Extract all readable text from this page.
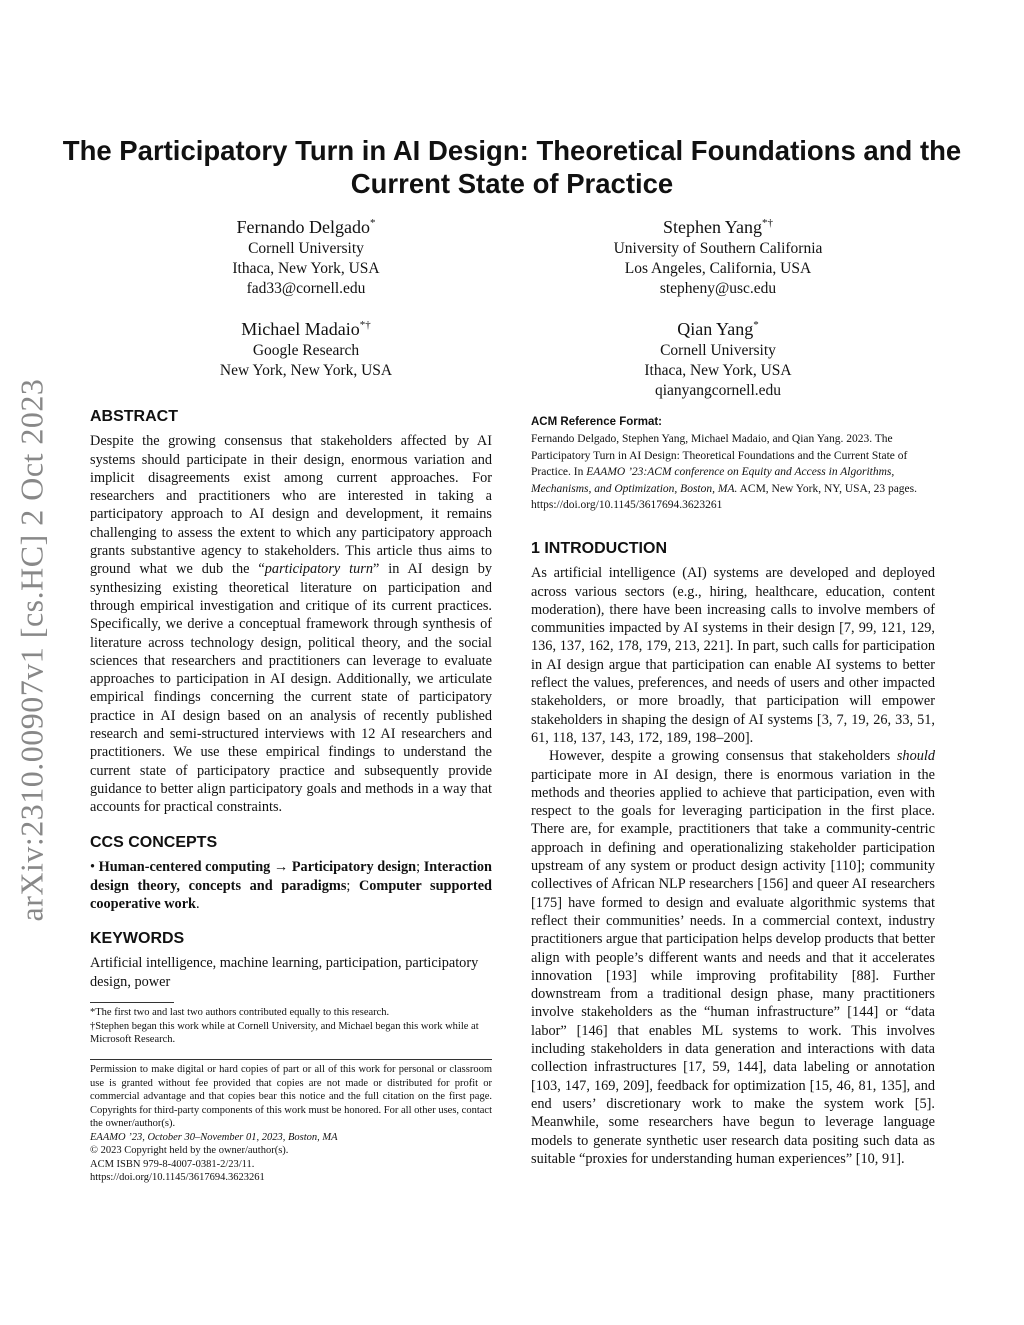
arXiv:2310.00907v1 [cs.HC] 2 Oct 2023
The Participatory Turn in AI Design: Theoretical Foundations and the Current State of Practice
Fernando Delgado*
Cornell University
Ithaca, New York, USA
fad33@cornell.edu
Stephen Yang*†
University of Southern California
Los Angeles, California, USA
stepheny@usc.edu
Michael Madaio*†
Google Research
New York, New York, USA
Qian Yang*
Cornell University
Ithaca, New York, USA
qianyangcornell.edu
ABSTRACT

Despite the growing consensus that stakeholders affected by AI systems should participate in their design, enormous variation and implicit disagreements exist among current approaches. For researchers and practitioners who are interested in taking a participatory approach to AI design and development, it remains challenging to assess the extent to which any participatory approach grants substantive agency to stakeholders. This article thus aims to ground what we dub the “participatory turn” in AI design by synthesizing existing theoretical literature on participation and through empirical investigation and critique of its current practices. Specifically, we derive a conceptual framework through synthesis of literature across technology design, political theory, and the social sciences that researchers and practitioners can leverage to evaluate approaches to participation in AI design. Additionally, we articulate empirical findings concerning the current state of participatory practice in AI design based on an analysis of recently published research and semi-structured interviews with 12 AI researchers and practitioners. We use these empirical findings to understand the current state of participatory practice and subsequently provide guidance to better align participatory goals and methods in a way that accounts for practical constraints.

CCS CONCEPTS

• Human-centered computing → Participatory design; Interaction design theory, concepts and paradigms; Computer supported cooperative work.

KEYWORDS

Artificial intelligence, machine learning, participation, participatory design, power

*The first two and last two authors contributed equally to this research.

†Stephen began this work while at Cornell University, and Michael began this work while at Microsoft Research.

Permission to make digital or hard copies of part or all of this work for personal or classroom use is granted without fee provided that copies are not made or distributed for profit or commercial advantage and that copies bear this notice and the full citation on the first page. Copyrights for third-party components of this work must be honored. For all other uses, contact the owner/author(s).

EAAMO ’23, October 30–November 01, 2023, Boston, MA

© 2023 Copyright held by the owner/author(s).

ACM ISBN 979-8-4007-0381-2/23/11.

https://doi.org/10.1145/3617694.3623261

ACM Reference Format:

Fernando Delgado, Stephen Yang, Michael Madaio, and Qian Yang. 2023. The Participatory Turn in AI Design: Theoretical Foundations and the Current State of Practice. In EAAMO ’23:ACM conference on Equity and Access in Algorithms, Mechanisms, and Optimization, Boston, MA. ACM, New York, NY, USA, 23 pages. https://doi.org/10.1145/3617694.3623261

1 INTRODUCTION

As artificial intelligence (AI) systems are developed and deployed across various sectors (e.g., hiring, healthcare, education, content moderation), there have been increasing calls to involve members of communities impacted by AI systems in their design [7, 99, 121, 129, 136, 137, 162, 178, 179, 213, 221]. In part, such calls for participation in AI design argue that participation can enable AI systems to better reflect the values, preferences, and needs of users and other impacted stakeholders, or more broadly, that participation will empower stakeholders in shaping the design of AI systems [3, 7, 19, 26, 33, 51, 61, 118, 137, 143, 172, 189, 198–200].

However, despite a growing consensus that stakeholders should participate more in AI design, there is enormous variation in the methods and theories applied to achieve that participation, even with respect to the goals for leveraging participation in the first place. There are, for example, practitioners that take a community-centric approach in defining and operationalizing stakeholder participation upstream of any system or product design activity [110]; community collectives of African NLP researchers [156] and queer AI researchers [175] have formed to design and evaluate algorithmic systems that reflect their communities’ needs. In a commercial context, industry practitioners argue that participation helps develop products that better align with people’s different wants and needs and that it accelerates innovation [193] while improving profitability [88]. Further downstream from a traditional design phase, many practitioners involve stakeholders as the “human infrastructure” [144] or “data labor” [146] that enables ML systems to work. This involves including stakeholders in data generation and interactions with data collection infrastructures [17, 59, 144], data labeling or annotation [103, 147, 169, 209], feedback for optimization [15, 46, 81, 135], and end users’ discretionary work to make the system work [5]. Meanwhile, some researchers have begun to leverage language models to generate synthetic user research data positing such data as suitable “proxies for understanding human experiences” [10, 91].
